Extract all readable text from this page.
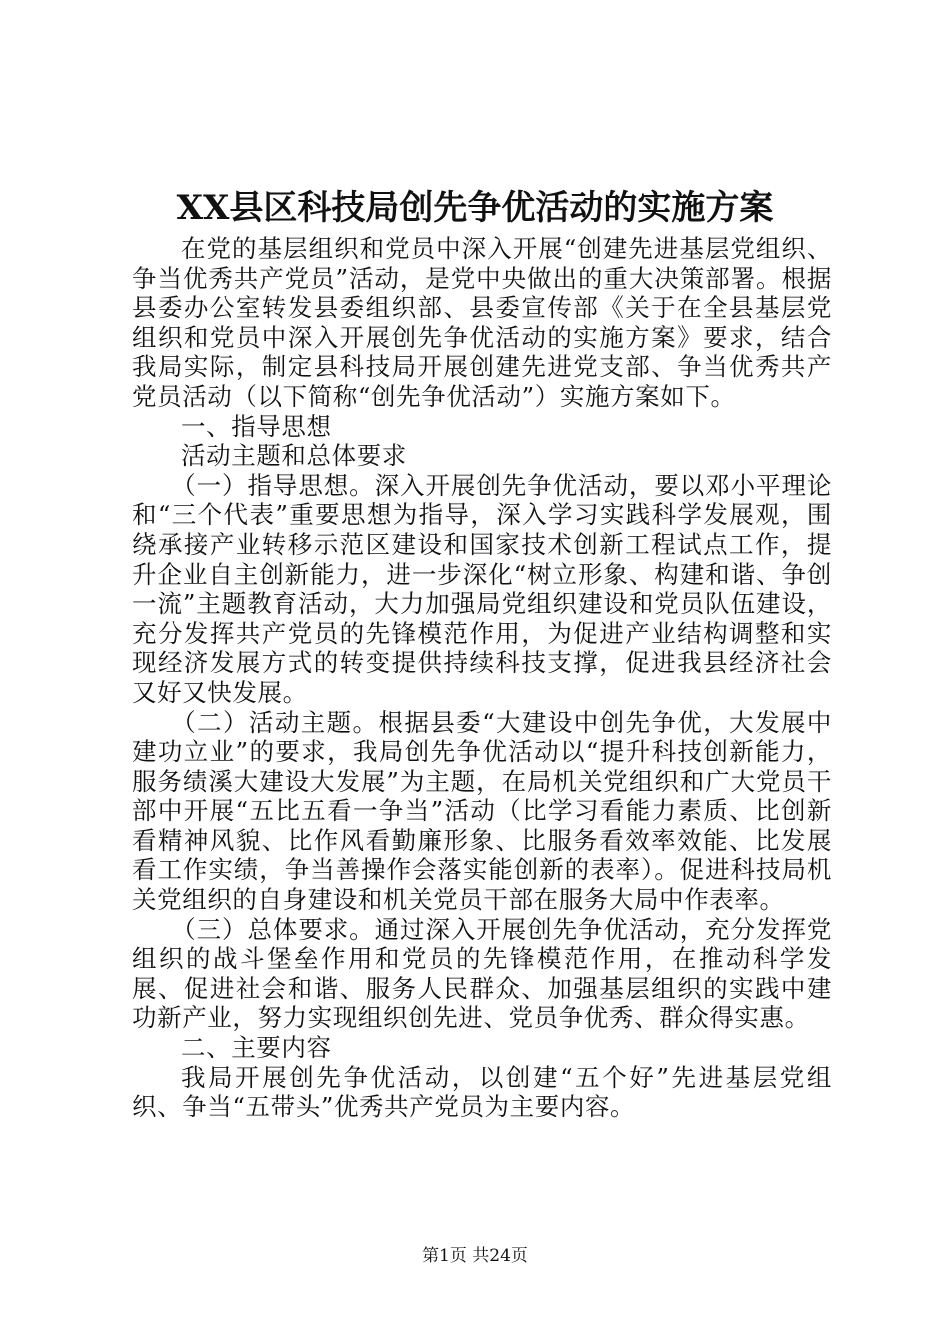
XX县区科技局创先争优活动的实施方案

在党的基层组织和党员中深入开展“创建先进基层党组织、争当优秀共产党员”活动，是党中央做出的重大决策部署。根据县委办公室转发县委组织部、县委宣传部《关于在全县基层党组织和党员中深入开展创先争优活动的实施方案》要求，结合我局实际，制定县科技局开展创建先进党支部、争当优秀共产党员活动（以下简称“创先争优活动”）实施方案如下。

一、指导思想

活动主题和总体要求

（一）指导思想。深入开展创先争优活动，要以邓小平理论和“三个代表”重要思想为指导，深入学习实践科学发展观，围绕承接产业转移示范区建设和国家技术创新工程试点工作，提升企业自主创新能力，进一步深化“树立形象、构建和谐、争创一流”主题教育活动，大力加强局党组织建设和党员队伍建设，充分发挥共产党员的先锋模范作用，为促进产业结构调整和实现经济发展方式的转变提供持续科技支撑，促进我县经济社会又好又快发展。

（二）活动主题。根据县委“大建设中创先争优，大发展中建功立业”的要求，我局创先争优活动以“提升科技创新能力，服务绩溪大建设大发展”为主题，在局机关党组织和广大党员干部中开展“五比五看一争当”活动（比学习看能力素质、比创新看精神风貌、比作风看勤廉形象、比服务看效率效能、比发展看工作实绩，争当善操作会落实能创新的表率）。促进科技局机关党组织的自身建设和机关党员干部在服务大局中作表率。

（三）总体要求。通过深入开展创先争优活动，充分发挥党组织的战斗堡垒作用和党员的先锋模范作用，在推动科学发展、促进社会和谐、服务人民群众、加强基层组织的实践中建功新产业，努力实现组织创先进、党员争优秀、群众得实惠。

二、主要内容

我局开展创先争优活动，以创建“五个好”先进基层党组织、争当“五带头”优秀共产党员为主要内容。

第1页 共24页
